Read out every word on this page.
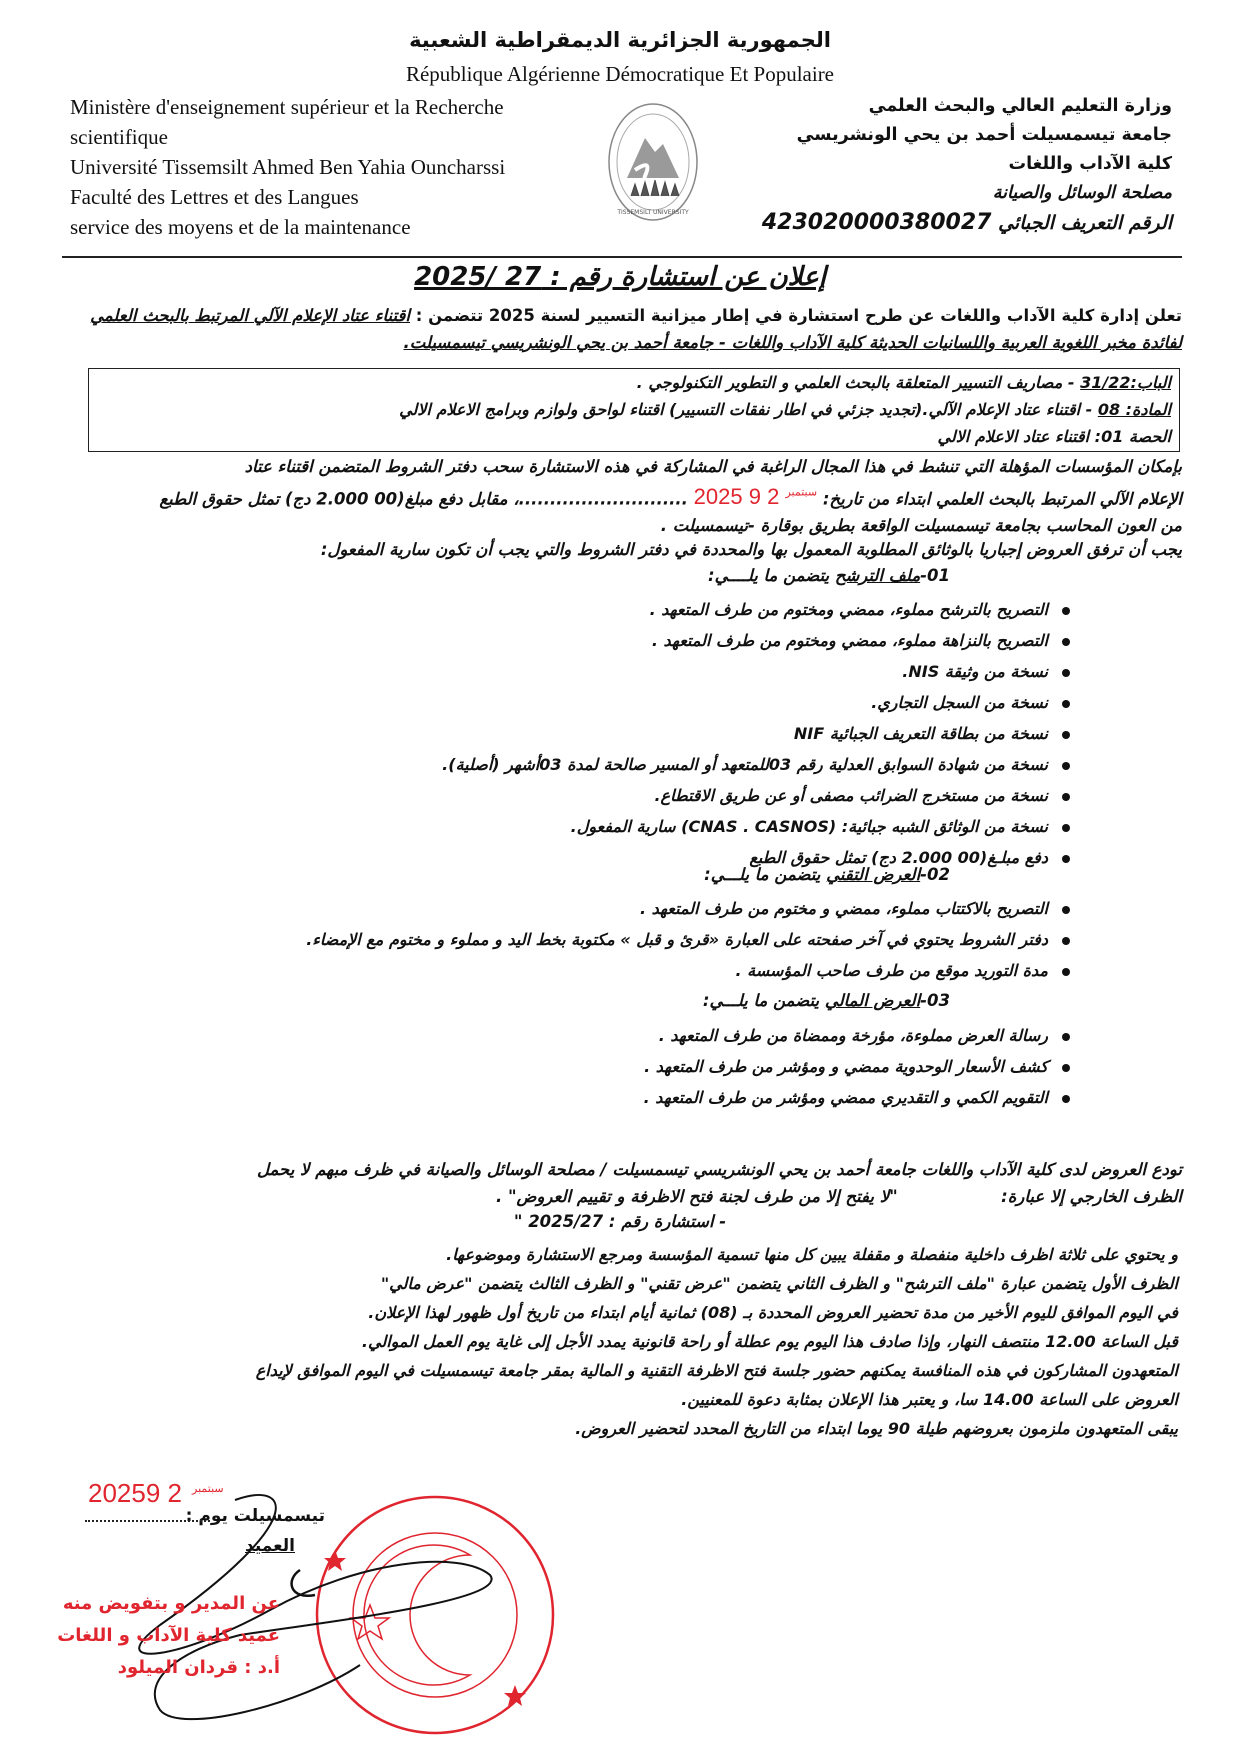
الجمهورية الجزائرية الديمقراطية الشعبية
République Algérienne Démocratique Et Populaire
Ministère d'enseignement supérieur et la Recherche
scientifique
Université Tissemsilt Ahmed Ben Yahia Ouncharssi
Faculté des Lettres et des Langues
service des moyens et de la maintenance
TISSEMSILT UNIVERSITY
وزارة التعليم العالي والبحث العلمي
جامعة تيسمسيلت أحمد بن يحي الونشريسي
كلية الآداب واللغات
مصلحة الوسائل والصيانة
الرقم التعريف الجبائي 423020000380027
إعلان عن استشارة رقم : 27 /2025
تعلن إدارة كلية الآداب واللغات عن طرح استشارة في إطار ميزانية التسيير لسنة 2025 تتضمن : اقتناء عتاد الإعلام الآلي المرتبط بالبحث العلمي لفائدة مخبر اللغوية العربية واللسانيات الحديثة كلية الآداب واللغات - جامعة أحمد بن يحي الونشريسي تيسمسيلت.
الباب:31/22 - مصاريف التسيير المتعلقة بالبحث العلمي و التطوير التكنولوجي .
المادة: 08 - اقتناء عتاد الإعلام الآلي.(تجديد جزئي في اطار نفقات التسيير) اقتناء لواحق ولوازم وبرامج الاعلام الالي
الحصة 01: اقتناء عتاد الاعلام الالي
بإمكان المؤسسات المؤهلة التي تنشط في هذا المجال الراغبة في المشاركة في هذه الاستشارة سحب دفتر الشروط المتضمن اقتناء عتاد
الإعلام الآلي المرتبط بالبحث العلمي ابتداء من تاريخ: 2025	$^{سبتمبر}$ 2 9 ...........................، مقابل دفع مبلغ(00 2.000 دج) تمثل حقوق الطبع
من العون المحاسب بجامعة تيسمسيلت الواقعة بطريق بوقارة -تيسمسيلت .
يجب أن ترفق العروض إجباريا بالوثائق المطلوبة المعمول بها والمحددة في دفتر الشروط والتي يجب أن تكون سارية المفعول:
01-ملف الترشح يتضمن ما يلــــي:
التصريح بالترشح مملوء، ممضي ومختوم من طرف المتعهد .
التصريح بالنزاهة مملوء، ممضي ومختوم من طرف المتعهد .
نسخة من وثيقة NIS.
نسخة من السجل التجاري.
نسخة من بطاقة التعريف الجبائية NIF
نسخة من شهادة السوابق العدلية رقم 03للمتعهد أو المسير صالحة لمدة 03أشهر (أصلية).
نسخة من مستخرج الضرائب مصفى أو عن طريق الاقتطاع.
نسخة من الوثائق الشبه جبائية: (CNAS . CASNOS) سارية المفعول.
دفع مبلـغ(00 2.000 دج) تمثل حقوق الطبع
02-العرض التقني يتضمن ما يلـــي:
التصريح بالاكتتاب مملوء، ممضي و مختوم من طرف المتعهد .
دفتر الشروط يحتوي في آخر صفحته على العبارة «قرئ و قبل » مكتوبة بخط اليد و مملوء و مختوم مع الإمضاء.
مدة التوريد موقع من طرف صاحب المؤسسة .
03-العرض المالي يتضمن ما يلـــي:
رسالة العرض مملوءة، مؤرخة وممضاة من طرف المتعهد .
كشف الأسعار الوحدوية ممضي و ومؤشر من طرف المتعهد .
التقويم الكمي و التقديري ممضي ومؤشر من طرف المتعهد .
تودع العروض لدى كلية الآداب واللغات جامعة أحمد بن يحي الونشريسي تيسمسيلت / مصلحة الوسائل والصيانة في ظرف مبهم لا يحمل
الظرف الخارجي إلا عبارة:                  "لا يفتح إلا من طرف لجنة فتح الاظرفة و تقييم العروض" .
- استشارة رقم : 2025/27 "
و يحتوي على ثلاثة اظرف داخلية منفصلة و مقفلة يبين كل منها تسمية المؤسسة ومرجع الاستشارة وموضوعها.
الظرف الأول يتضمن عبارة "ملف الترشح" و الظرف الثاني يتضمن "عرض تقني" و الظرف الثالث يتضمن "عرض مالي"
في اليوم الموافق لليوم الأخير من مدة تحضير العروض المحددة بـ (08) ثمانية أيام ابتداء من تاريخ أول ظهور لهذا الإعلان.
قبل الساعة 12.00 منتصف النهار، وإذا صادف هذا اليوم يوم عطلة أو راحة قانونية يمدد الأجل إلى غاية يوم العمل الموالي.
المتعهدون المشاركون في هذه المنافسة يمكنهم حضور جلسة فتح الاظرفة التقنية و المالية بمقر جامعة تيسمسيلت في اليوم الموافق لإيداع
العروض على الساعة 14.00 سا، و يعتبر هذا الإعلان بمثابة دعوة للمعنيين.
يبقى المتعهدون ملزمون بعروضهم طيلة 90 يوما ابتداء من التاريخ المحدد لتحضير العروض.
2025	$^{سبتمبر}$2 9
تيسمسيلت يوم :
العميد
عن المدير و بتفويض منه
عميد كلية الآداب و اللغات
أ.د : قردان الميلود
